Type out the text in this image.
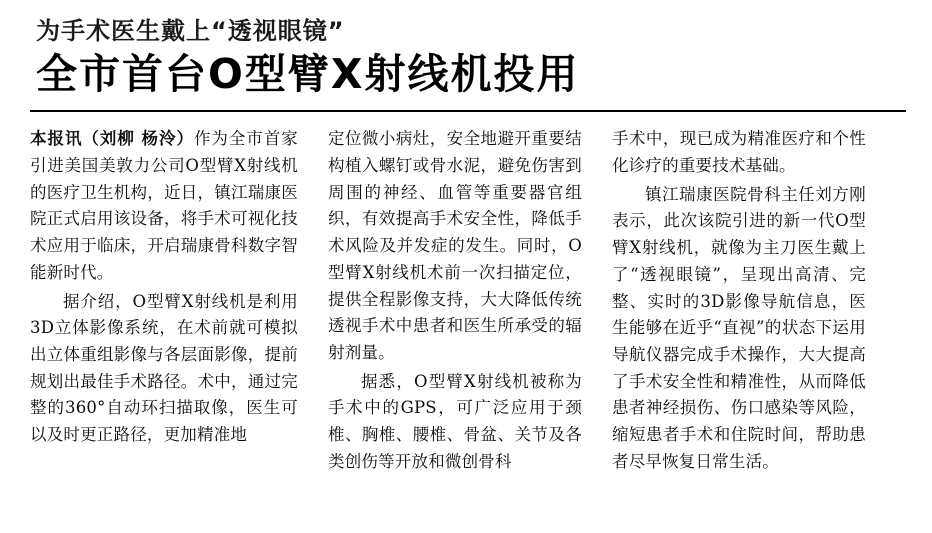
为手术医生戴上“透视眼镜”
全市首台O型臂X射线机投用

本报讯（刘柳 杨泠）作为全市首家引进美国美敦力公司O型臂X射线机的医疗卫生机构，近日，镇江瑞康医院正式启用该设备，将手术可视化技术应用于临床，开启瑞康骨科数字智能新时代。

据介绍，O型臂X射线机是利用3D立体影像系统，在术前就可模拟出立体重组影像与各层面影像，提前规划出最佳手术路径。术中，通过完整的360°自动环扫描取像，医生可以及时更正路径，更加精准地

定位微小病灶，安全地避开重要结构植入螺钉或骨水泥，避免伤害到周围的神经、血管等重要器官组织，有效提高手术安全性，降低手术风险及并发症的发生。同时，O型臂X射线机术前一次扫描定位，提供全程影像支持，大大降低传统透视手术中患者和医生所承受的辐射剂量。

据悉，O型臂X射线机被称为手术中的GPS，可广泛应用于颈椎、胸椎、腰椎、骨盆、关节及各类创伤等开放和微创骨科

手术中，现已成为精准医疗和个性化诊疗的重要技术基础。

镇江瑞康医院骨科主任刘方刚表示，此次该院引进的新一代O型臂X射线机，就像为主刀医生戴上了“透视眼镜”，呈现出高清、完整、实时的3D影像导航信息，医生能够在近乎“直视”的状态下运用导航仪器完成手术操作，大大提高了手术安全性和精准性，从而降低患者神经损伤、伤口感染等风险，缩短患者手术和住院时间，帮助患者尽早恢复日常生活。
